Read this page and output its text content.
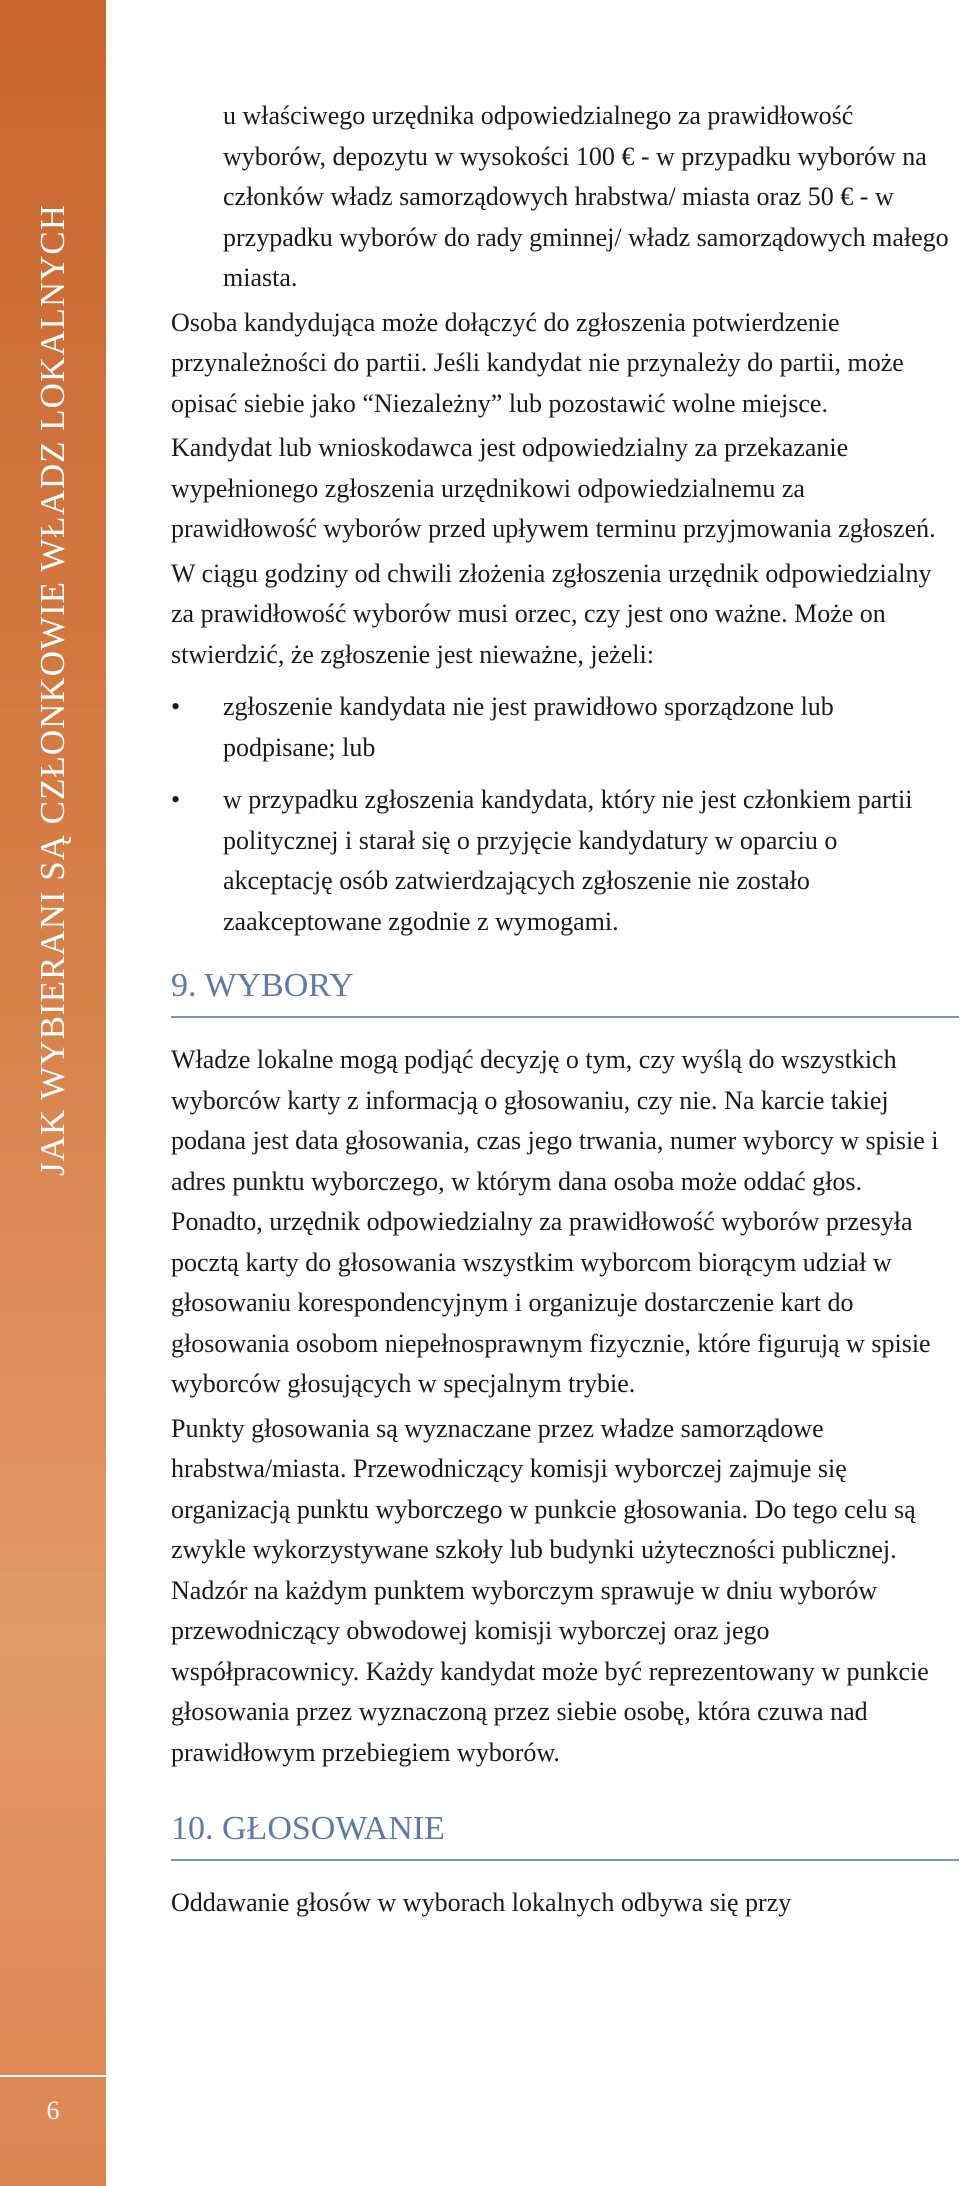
JAK WYBIERANI SĄ CZŁONKOWIE WŁADZ LOKALNYCH
6

u właściwego urzędnika odpowiedzialnego za prawidłowość wyborów, depozytu w wysokości 100 € - w przypadku wyborów na członków władz samorządowych hrabstwa/ miasta oraz 50 € - w przypadku wyborów do rady gminnej/ władz samorządowych małego miasta.

Osoba kandydująca może dołączyć do zgłoszenia potwierdzenie przynależności do partii. Jeśli kandydat nie przynależy do partii, może opisać siebie jako “Niezależny” lub pozostawić wolne miejsce.

Kandydat lub wnioskodawca jest odpowiedzialny za przekazanie wypełnionego zgłoszenia urzędnikowi odpowiedzialnemu za prawidłowość wyborów przed upływem terminu przyjmowania zgłoszeń.

W ciągu godziny od chwili złożenia zgłoszenia urzędnik odpowiedzialny za prawidłowość wyborów musi orzec, czy jest ono ważne. Może on stwierdzić, że zgłoszenie jest nieważne, jeżeli:

• zgłoszenie kandydata nie jest prawidłowo sporządzone lub podpisane; lub
• w przypadku zgłoszenia kandydata, który nie jest członkiem partii politycznej i starał się o przyjęcie kandydatury w oparciu o akceptację osób zatwierdzających zgłoszenie nie zostało zaakceptowane zgodnie z wymogami.
9. WYBORY

Władze lokalne mogą podjąć decyzję o tym, czy wyślą do wszystkich wyborców karty z informacją o głosowaniu, czy nie. Na karcie takiej podana jest data głosowania, czas jego trwania, numer wyborcy w spisie i adres punktu wyborczego, w którym dana osoba może oddać głos. Ponadto, urzędnik odpowiedzialny za prawidłowość wyborów przesyła pocztą karty do głosowania wszystkim wyborcom biorącym udział w głosowaniu korespondencyjnym i organizuje dostarczenie kart do głosowania osobom niepełnosprawnym fizycznie, które figurują w spisie wyborców głosujących w specjalnym trybie.

Punkty głosowania są wyznaczane przez władze samorządowe hrabstwa/miasta. Przewodniczący komisji wyborczej zajmuje się organizacją punktu wyborczego w punkcie głosowania. Do tego celu są zwykle wykorzystywane szkoły lub budynki użyteczności publicznej. Nadzór na każdym punktem wyborczym sprawuje w dniu wyborów przewodniczący obwodowej komisji wyborczej oraz jego współpracownicy. Każdy kandydat może być reprezentowany w punkcie głosowania przez wyznaczoną przez siebie osobę, która czuwa nad prawidłowym przebiegiem wyborów.

10. GŁOSOWANIE

Oddawanie głosów w wyborach lokalnych odbywa się przy
